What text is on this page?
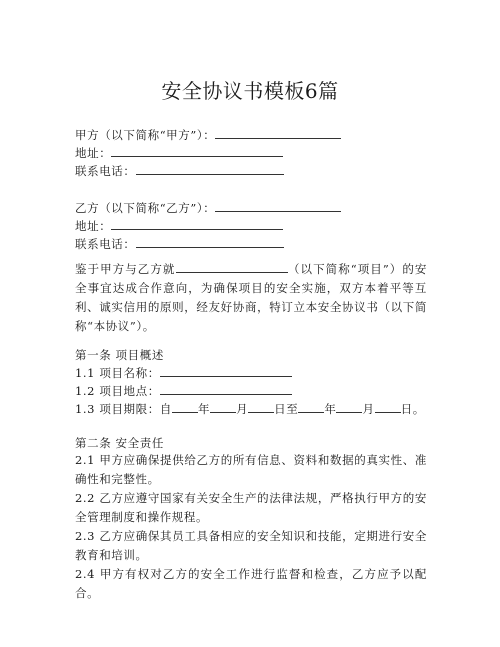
安全协议书模板6篇
甲方（以下简称“甲方”）：
地址：
联系电话：
乙方（以下简称“乙方”）：
地址：
联系电话：
鉴于甲方与乙方就	（以下简称“项目”）的安全事宜达成合作意向，为确保项目的安全实施，双方本着平等互利、诚实信用的原则，经友好协商，特订立本安全协议书（以下简称“本协议”）。
第一条 项目概述
1.1 项目名称：
1.2 项目地点：
1.3 项目期限：自 年 月 日至 年 月 日。
第二条 安全责任
2.1 甲方应确保提供给乙方的所有信息、资料和数据的真实性、准确性和完整性。
2.2 乙方应遵守国家有关安全生产的法律法规，严格执行甲方的安全管理制度和操作规程。
2.3 乙方应确保其员工具备相应的安全知识和技能，定期进行安全教育和培训。
2.4 甲方有权对乙方的安全工作进行监督和检查，乙方应予以配合。
